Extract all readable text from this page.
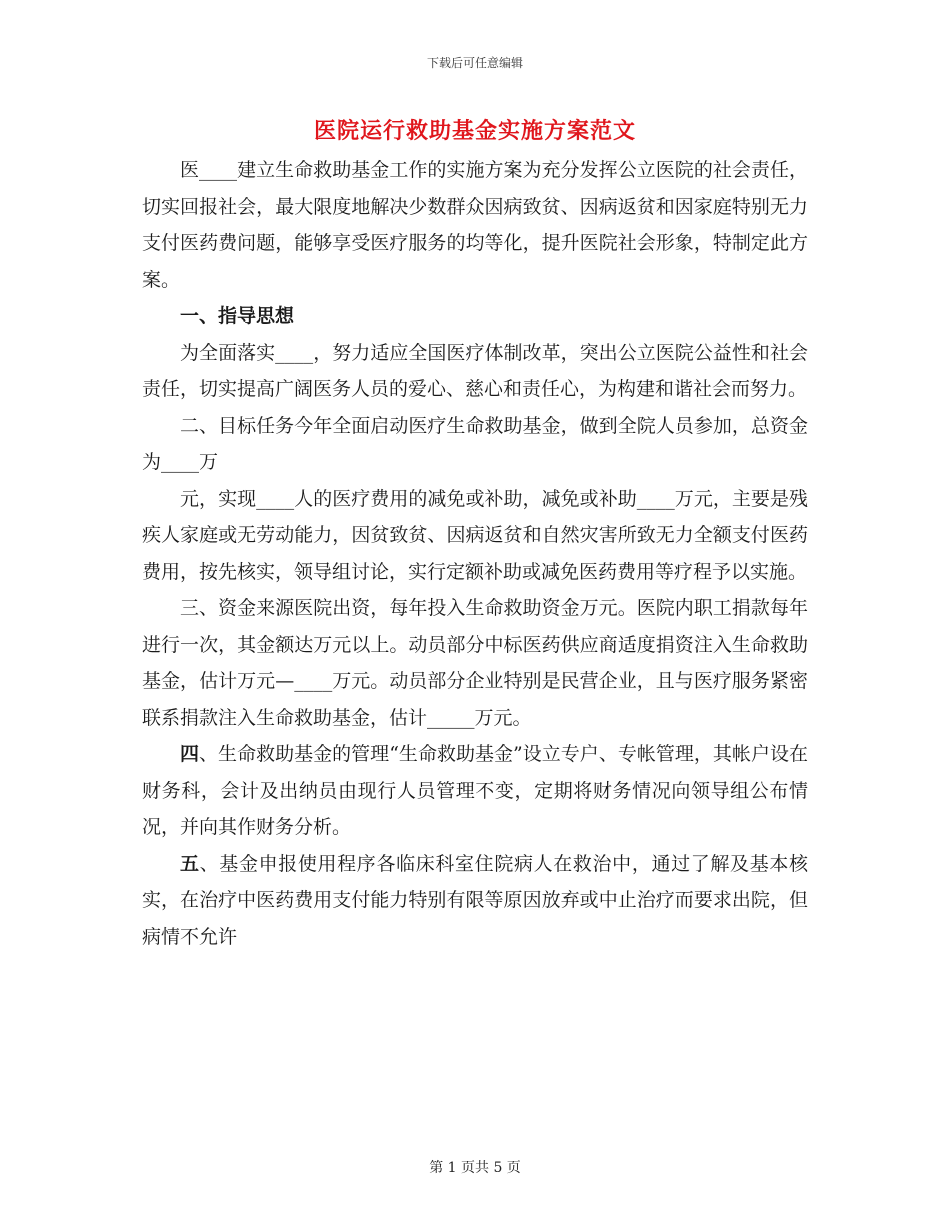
下载后可任意编辑
医院运行救助基金实施方案范文

医____建立生命救助基金工作的实施方案为充分发挥公立医院的社会责任，切实回报社会，最大限度地解决少数群众因病致贫、因病返贫和因家庭特别无力支付医药费问题，能够享受医疗服务的均等化，提升医院社会形象，特制定此方案。

一、指导思想

为全面落实____，努力适应全国医疗体制改革，突出公立医院公益性和社会责任，切实提高广阔医务人员的爱心、慈心和责任心，为构建和谐社会而努力。

二、目标任务今年全面启动医疗生命救助基金，做到全院人员参加，总资金为____万

元，实现____人的医疗费用的减免或补助，减免或补助____万元，主要是残疾人家庭或无劳动能力，因贫致贫、因病返贫和自然灾害所致无力全额支付医药费用，按先核实，领导组讨论，实行定额补助或减免医药费用等疗程予以实施。

三、资金来源医院出资，每年投入生命救助资金万元。医院内职工捐款每年进行一次，其金额达万元以上。动员部分中标医药供应商适度捐资注入生命救助基金，估计万元—____万元。动员部分企业特别是民营企业，且与医疗服务紧密联系捐款注入生命救助基金，估计_____万元。

四、生命救助基金的管理“生命救助基金”设立专户、专帐管理，其帐户设在财务科，会计及出纳员由现行人员管理不变，定期将财务情况向领导组公布情况，并向其作财务分析。

五、基金申报使用程序各临床科室住院病人在救治中，通过了解及基本核实，在治疗中医药费用支付能力特别有限等原因放弃或中止治疗而要求出院，但病情不允许

第 1 页共 5 页
